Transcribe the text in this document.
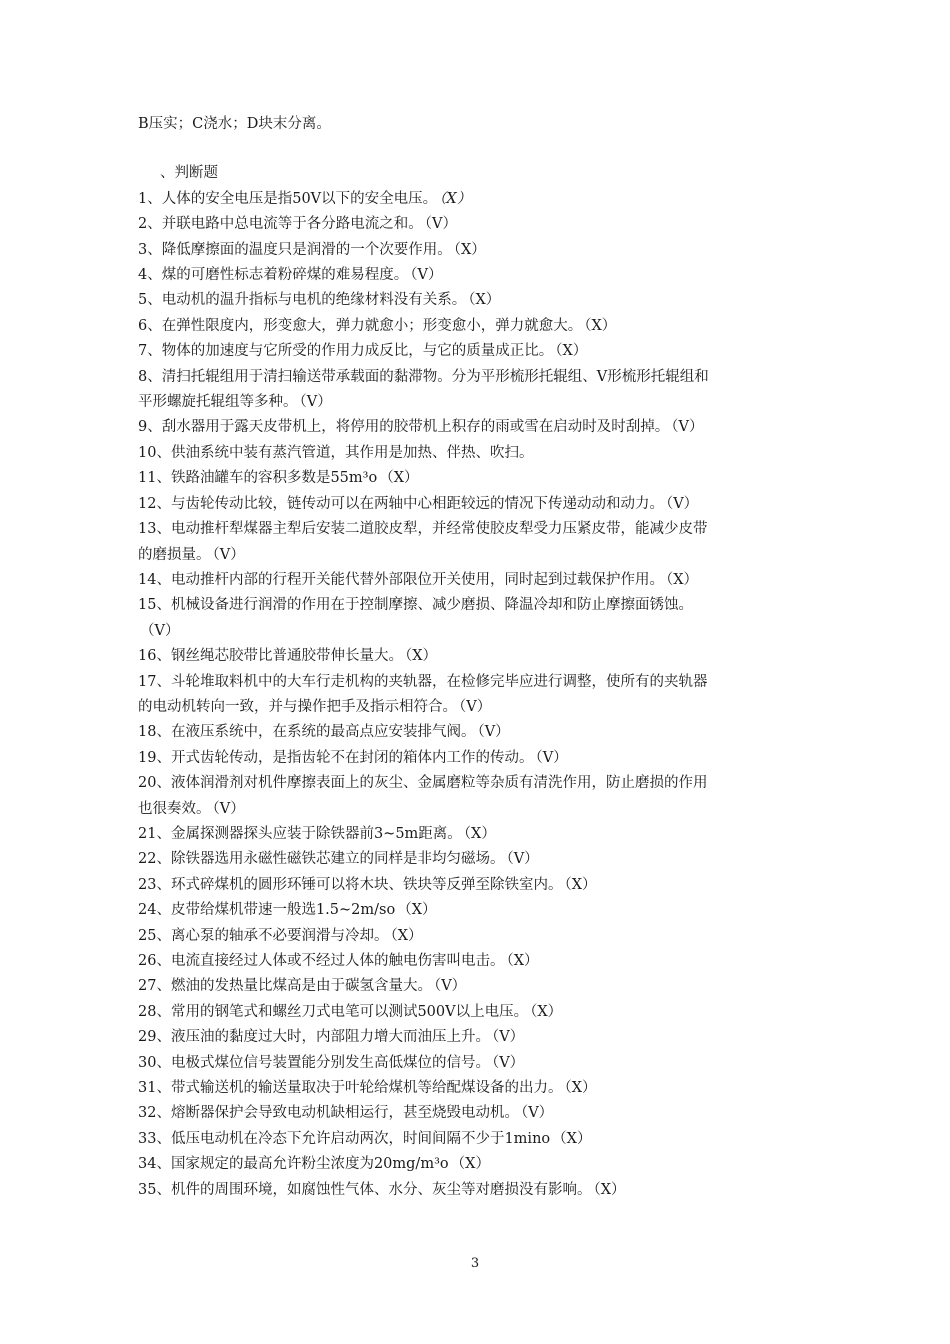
B压实；C浇水；D块末分离。
、判断题
1、人体的安全电压是指50V以下的安全电压。 （X）
2、并联电路中总电流等于各分路电流之和。 （V）
3、降低摩擦面的温度只是润滑的一个次要作用。 （X）
4、煤的可磨性标志着粉碎煤的难易程度。 （V）
5、电动机的温升指标与电机的绝缘材料没有关系。 （X）
6、在弹性限度内，形变愈大，弹力就愈小；形变愈小，弹力就愈大。 （X）
7、物体的加速度与它所受的作用力成反比，与它的质量成正比。 （X）
8、清扫托辊组用于清扫输送带承载面的黏滞物。分为平形梳形托辊组、V形梳形托辊组和
平形螺旋托辊组等多种。 （V）
9、刮水器用于露天皮带机上，将停用的胶带机上积存的雨或雪在启动时及时刮掉。 （V）
10、供油系统中装有蒸汽管道，其作用是加热、伴热、吹扫。
11、铁路油罐车的容积多数是55m³o （X）
12、与齿轮传动比较，链传动可以在两轴中心相距较远的情况下传递动动和动力。 （V）
13、电动推杆犁煤器主犁后安装二道胶皮犁，并经常使胶皮犁受力压紧皮带，能减少皮带
的磨损量。 （V）
14、电动推杆内部的行程开关能代替外部限位开关使用，同时起到过载保护作用。 （X）
15、机械设备进行润滑的作用在于控制摩擦、减少磨损、降温冷却和防止摩擦面锈蚀。
（V）
16、钢丝绳芯胶带比普通胶带伸长量大。 （X）
17、斗轮堆取料机中的大车行走机构的夹轨器，在检修完毕应进行调整，使所有的夹轨器
的电动机转向一致，并与操作把手及指示相符合。 （V）
18、在液压系统中，在系统的最高点应安装排气阀。 （V）
19、开式齿轮传动，是指齿轮不在封闭的箱体内工作的传动。 （V）
20、液体润滑剂对机件摩擦表面上的灰尘、金属磨粒等杂质有清洗作用，防止磨损的作用
也很奏效。 （V）
21、金属探测器探头应装于除铁器前3~5m距离。 （X）
22、除铁器选用永磁性磁铁芯建立的同样是非均匀磁场。 （V）
23、环式碎煤机的圆形环锤可以将木块、铁块等反弹至除铁室内。 （X）
24、皮带给煤机带速一般选1.5~2m/so （X）
25、离心泵的轴承不必要润滑与冷却。 （X）
26、电流直接经过人体或不经过人体的触电伤害叫电击。 （X）
27、燃油的发热量比煤高是由于碳氢含量大。 （V）
28、常用的钢笔式和螺丝刀式电笔可以测试500V以上电压。 （X）
29、液压油的黏度过大时，内部阻力增大而油压上升。 （V）
30、电极式煤位信号装置能分别发生高低煤位的信号。 （V）
31、带式输送机的输送量取决于叶轮给煤机等给配煤设备的出力。 （X）
32、熔断器保护会导致电动机缺相运行，甚至烧毁电动机。 （V）
33、低压电动机在冷态下允许启动两次，时间间隔不少于1mino （X）
34、国家规定的最高允许粉尘浓度为20mg/m³o （X）
35、机件的周围环境，如腐蚀性气体、水分、灰尘等对磨损没有影响。 （X）
3
